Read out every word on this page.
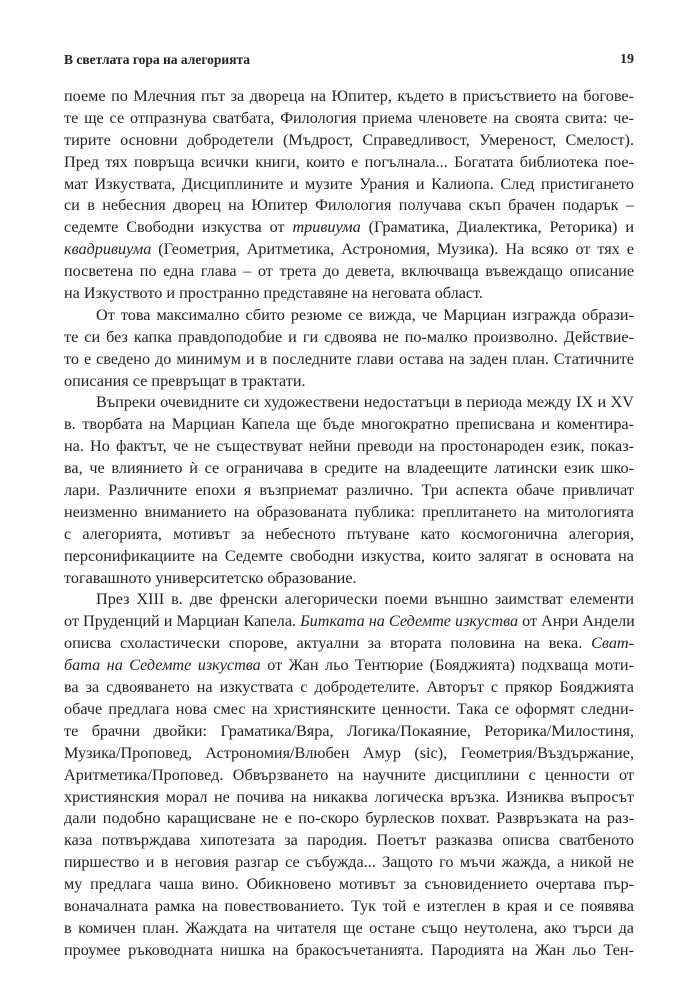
В светлата гора на алегорията	19
поеме по Млечния път за двореца на Юпитер, където в присъствието на богове-
те ще се отпразнува сватбата, Филология приема членовете на своята свита: че-
тирите основни добродетели (Мъдрост, Справедливост, Умереност, Смелост).
Пред тях повръща всички книги, които е погълнала... Богатата библиотека пое-
мат Изкуствата, Дисциплините и музите Урания и Калиопа. След пристигането
си в небесния дворец на Юпитер Филология получава скъп брачен подарък –
седемте Свободни изкуства от тривиума (Граматика, Диалектика, Реторика) и
квадривиума (Геометрия, Аритметика, Астрономия, Музика). На всяко от тях е
посветена по една глава – от трета до девета, включваща въвеждащо описание
на Изкуството и пространно представяне на неговата област.
От това максимално сбито резюме се вижда, че Марциан изгражда образи-
те си без капка правдоподобие и ги сдвоява не по-малко произволно. Действие-
то е сведено до минимум и в последните глави остава на заден план. Статичните
описания се превръщат в трактати.
Въпреки очевидните си художествени недостатъци в периода между IX и XV
в. творбата на Марциан Капела ще бъде многократно преписвана и коментира-
на. Но фактът, че не съществуват нейни преводи на простонароден език, показ-
ва, че влиянието ѝ се ограничава в средите на владеещите латински език шко-
лари. Различните епохи я възприемат различно. Три аспекта обаче привличат
неизменно вниманието на образованата публика: преплитането на митологията
с алегорията, мотивът за небесното пътуване като космогонична алегория,
персонификациите на Седемте свободни изкуства, които залягат в основата на
тогавашното университетско образование.
През XIII в. две френски алегорически поеми външно заимстват елементи
от Пруденций и Марциан Капела. Битката на Седемте изкуства от Анри Андели
описва схоластически спорове, актуални за втората половина на века. Сват-
бата на Седемте изкуства от Жан льо Тентюрие (Бояджията) подхваща моти-
ва за сдвояването на изкуствата с добродетелите. Авторът с прякор Бояджията
обаче предлага нова смес на християнските ценности. Така се оформят следни-
те брачни двойки: Граматика/Вяра, Логика/Покаяние, Реторика/Милостиня,
Музика/Проповед, Астрономия/Влюбен Амур (sic), Геометрия/Въздържание,
Аритметика/Проповед. Обвързването на научните дисциплини с ценности от
християнския морал не почива на никаква логическа връзка. Изниква въпросът
дали подобно каращисване не е по-скоро бурлесков похват. Развръзката на раз-
каза потвърждава хипотезата за пародия. Поетът разказва описва сватбеното
пиршество и в неговия разгар се събужда... Защото го мъчи жажда, а никой не
му предлага чаша вино. Обикновено мотивът за съновидението очертава пър-
воначалната рамка на повествованието. Тук той е изтеглен в края и се появява
в комичен план. Жаждата на читателя ще остане също неутолена, ако търси да
проумее ръководната нишка на бракосъчетанията. Пародията на Жан льо Тен-
